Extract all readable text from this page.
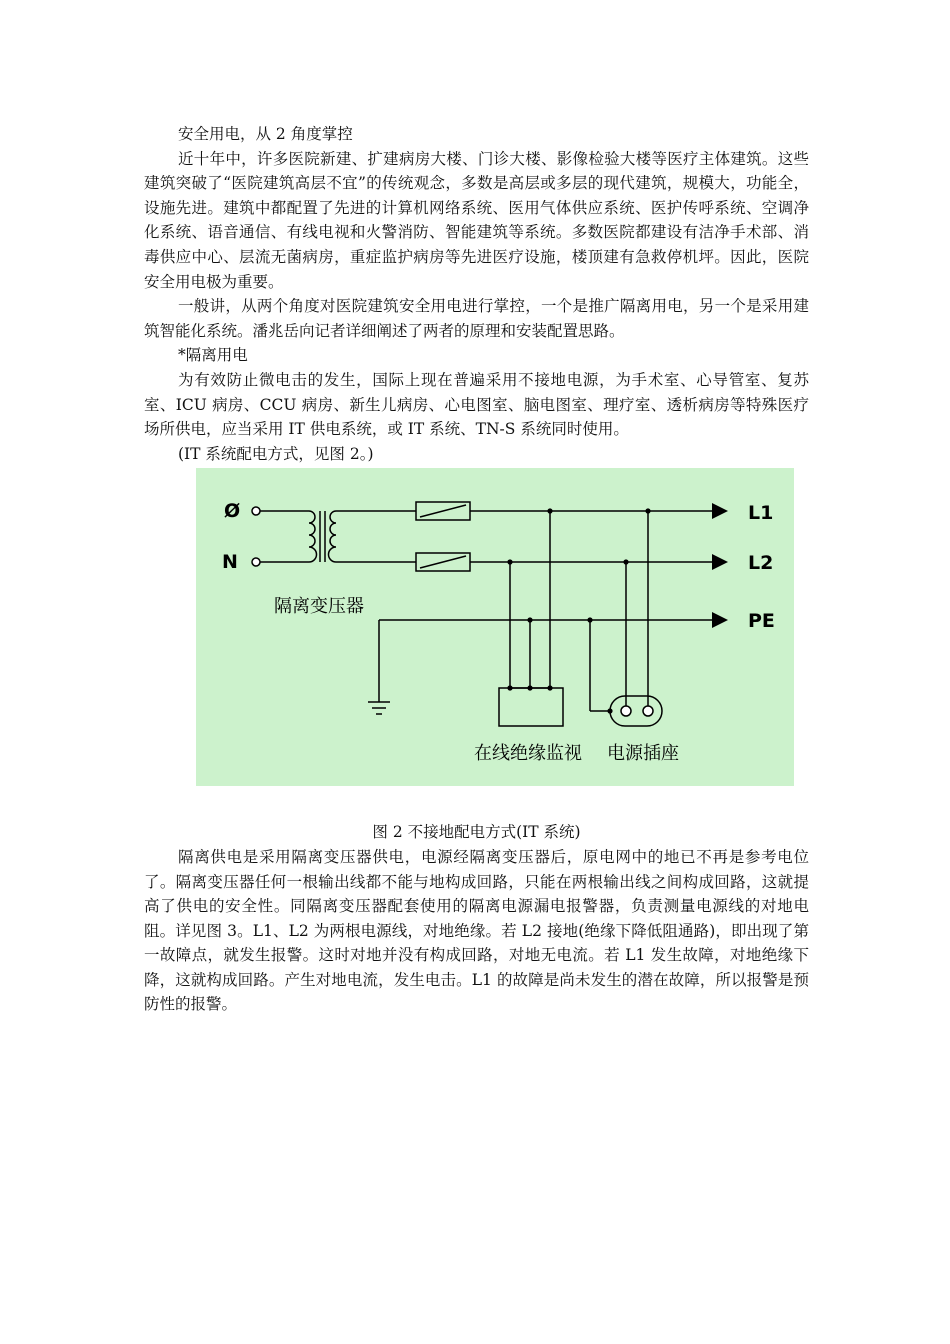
安全用电，从 2 角度掌控

近十年中，许多医院新建、扩建病房大楼、门诊大楼、影像检验大楼等医疗主体建筑。这些建筑突破了“医院建筑高层不宜”的传统观念，多数是高层或多层的现代建筑，规模大，功能全，设施先进。建筑中都配置了先进的计算机网络系统、医用气体供应系统、医护传呼系统、空调净化系统、语音通信、有线电视和火警消防、智能建筑等系统。多数医院都建设有洁净手术部、消毒供应中心、层流无菌病房，重症监护病房等先进医疗设施，楼顶建有急救停机坪。因此，医院安全用电极为重要。

一般讲，从两个角度对医院建筑安全用电进行掌控，一个是推广隔离用电，另一个是采用建筑智能化系统。潘兆岳向记者详细阐述了两者的原理和安装配置思路。

*隔离用电

为有效防止微电击的发生，国际上现在普遍采用不接地电源，为手术室、心导管室、复苏室、ICU 病房、CCU 病房、新生儿病房、心电图室、脑电图室、理疗室、透析病房等特殊医疗场所供电，应当采用 IT 供电系统，或 IT 系统、TN-S 系统同时使用。

(IT 系统配电方式，见图 2。)

Ø
N
隔离变压器
L1
L2
PE
在线绝缘监视 电源插座

图 2 不接地配电方式(IT 系统)

隔离供电是采用隔离变压器供电，电源经隔离变压器后，原电网中的地已不再是参考电位了。隔离变压器任何一根输出线都不能与地构成回路，只能在两根输出线之间构成回路，这就提高了供电的安全性。同隔离变压器配套使用的隔离电源漏电报警器，负责测量电源线的对地电阻。详见图 3。L1、L2 为两根电源线，对地绝缘。若 L2 接地(绝缘下降低阻通路)，即出现了第一故障点，就发生报警。这时对地并没有构成回路，对地无电流。若 L1 发生故障，对地绝缘下降，这就构成回路。产生对地电流，发生电击。L1 的故障是尚未发生的潜在故障，所以报警是预防性的报警。
